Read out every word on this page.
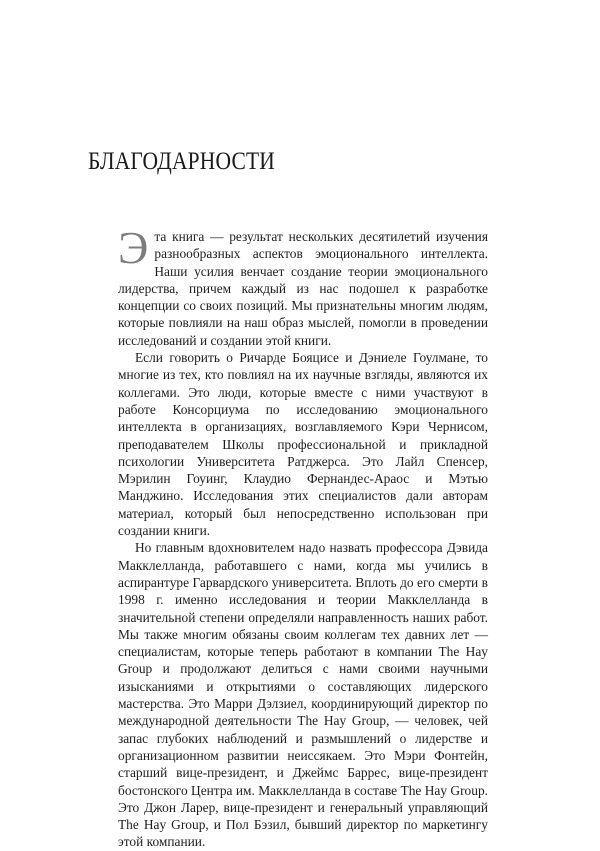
БЛАГОДАРНОСТИ

Эта книга — результат нескольких десятилетий изучения разнообразных аспектов эмоционального интеллекта. Наши усилия венчает создание теории эмоционального лидерства, причем каждый из нас подошел к разработке концепции со своих позиций. Мы признательны многим людям, которые повлияли на наш образ мыслей, помогли в проведении исследований и создании этой книги.

Если говорить о Ричарде Бояцисе и Дэниеле Гоулмане, то многие из тех, кто повлиял на их научные взгляды, являются их коллегами. Это люди, которые вместе с ними участвуют в работе Консорциума по исследованию эмоционального интеллекта в организациях, возглавляемого Кэри Чернисом, преподавателем Школы профессиональной и прикладной психологии Университета Ратджерса. Это Лайл Спенсер, Мэрилин Гоуинг, Клаудио Фернандес-Араос и Мэтью Манджино. Исследования этих специалистов дали авторам материал, который был непосредственно использован при создании книги.

Но главным вдохновителем надо назвать профессора Дэвида Макклелланда, работавшего с нами, когда мы учились в аспирантуре Гарвардского университета. Вплоть до его смерти в 1998 г. именно исследования и теории Макклелланда в значительной степени определяли направленность наших работ. Мы также многим обязаны своим коллегам тех давних лет — специалистам, которые теперь работают в компании The Hay Group и продолжают делиться с нами своими научными изысканиями и открытиями о составляющих лидерского мастерства. Это Марри Дэлзиел, координирующий директор по международной деятельности The Hay Group, — человек, чей запас глубоких наблюдений и размышлений о лидерстве и организационном развитии неиссякаем. Это Мэри Фонтейн, старший вице-президент, и Джеймс Баррес, вице-президент бостонского Центра им. Макклелланда в составе The Hay Group. Это Джон Ларер, вице-президент и генеральный управляющий The Hay Group, и Пол Бэзил, бывший директор по маркетингу этой компании.
